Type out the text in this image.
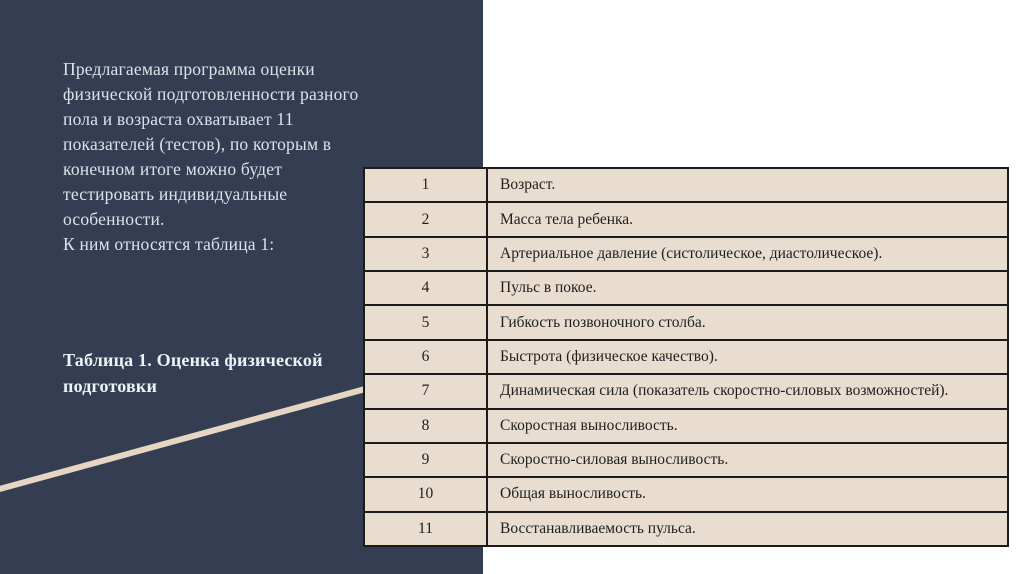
Предлагаемая программа оценки
физической подготовленности разного
пола и возраста охватывает 11
показателей (тестов), по которым в
конечном итоге можно будет
тестировать индивидуальные
особенности.
К ним относятся таблица 1:
Таблица 1. Оценка физической
подготовки
1	Возраст.
2	Масса тела ребенка.
3	Артериальное давление (систолическое, диастолическое).
4	Пульс в покое.
5	Гибкость позвоночного столба.
6	Быстрота (физическое качество).
7	Динамическая сила (показатель скоростно-силовых возможностей).
8	Скоростная выносливость.
9	Скоростно-силовая выносливость.
10	Общая выносливость.
11	Восстанавливаемость пульса.
